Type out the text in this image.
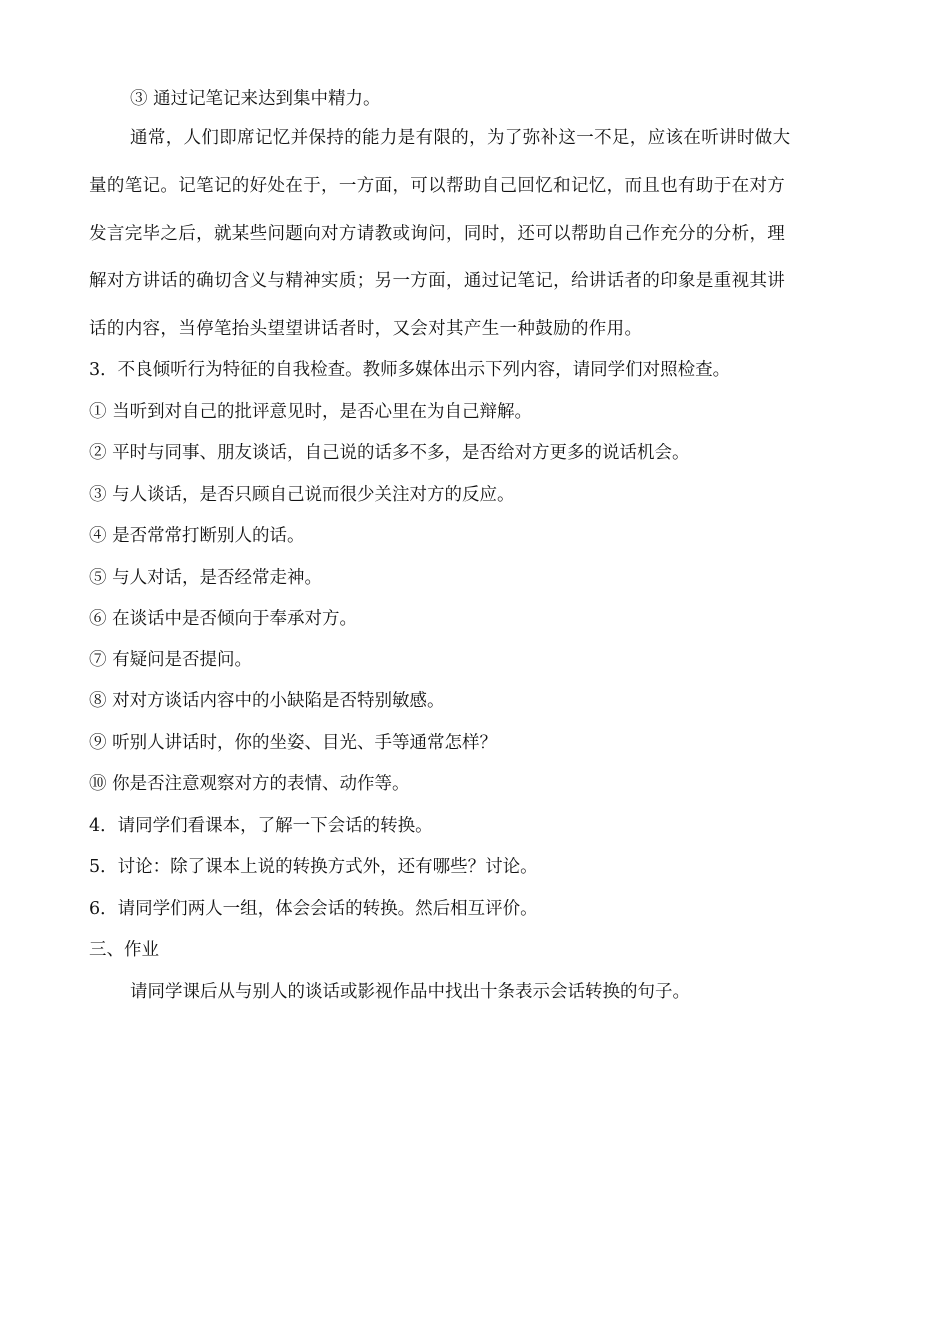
③ 通过记笔记来达到集中精力。
通常，人们即席记忆并保持的能力是有限的，为了弥补这一不足，应该在听讲时做大
量的笔记。记笔记的好处在于，一方面，可以帮助自己回忆和记忆，而且也有助于在对方
发言完毕之后，就某些问题向对方请教或询问，同时，还可以帮助自己作充分的分析，理
解对方讲话的确切含义与精神实质；另一方面，通过记笔记，给讲话者的印象是重视其讲
话的内容，当停笔抬头望望讲话者时，又会对其产生一种鼓励的作用。
3．不良倾听行为特征的自我检查。教师多媒体出示下列内容，请同学们对照检查。
① 当听到对自己的批评意见时，是否心里在为自己辩解。
② 平时与同事、朋友谈话，自己说的话多不多，是否给对方更多的说话机会。
③ 与人谈话，是否只顾自己说而很少关注对方的反应。
④ 是否常常打断别人的话。
⑤ 与人对话，是否经常走神。
⑥ 在谈话中是否倾向于奉承对方。
⑦ 有疑问是否提问。
⑧ 对对方谈话内容中的小缺陷是否特别敏感。
⑨ 听别人讲话时，你的坐姿、目光、手等通常怎样？
⑩ 你是否注意观察对方的表情、动作等。
4．请同学们看课本，了解一下会话的转换。
5．讨论：除了课本上说的转换方式外，还有哪些？讨论。
6．请同学们两人一组，体会会话的转换。然后相互评价。
三、作业
请同学课后从与别人的谈话或影视作品中找出十条表示会话转换的句子。
